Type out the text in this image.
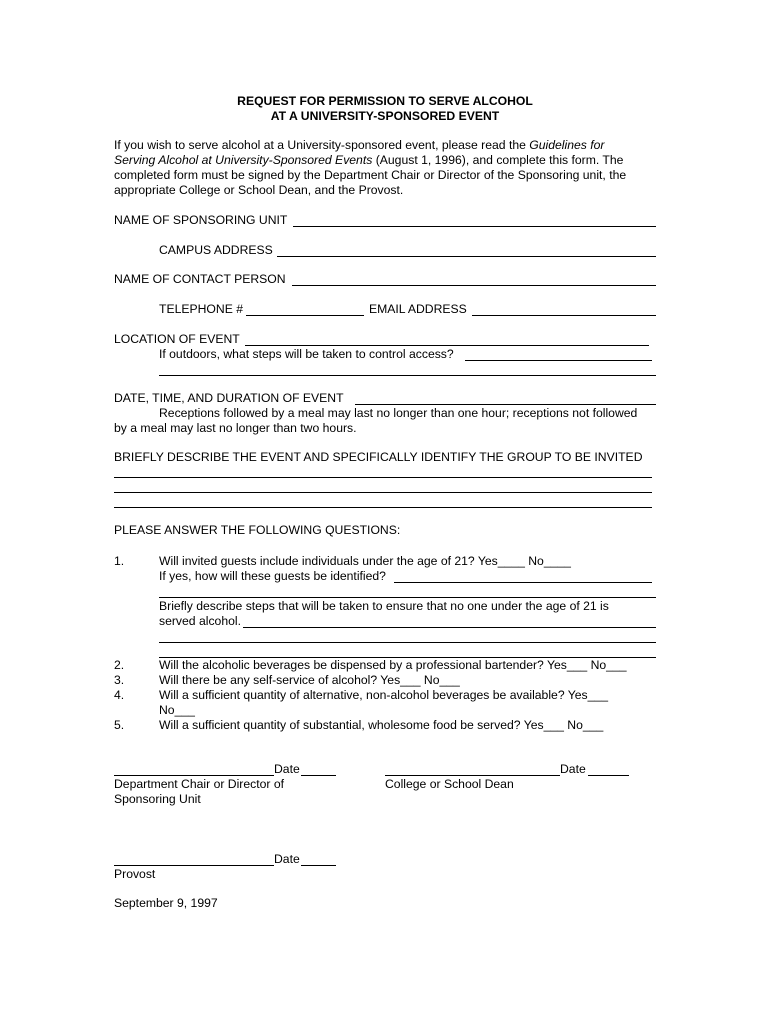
REQUEST FOR PERMISSION TO SERVE ALCOHOL
AT A UNIVERSITY-SPONSORED EVENT
If you wish to serve alcohol at a University-sponsored event, please read the Guidelines for
Serving Alcohol at University-Sponsored Events (August 1, 1996), and complete this form. The
completed form must be signed by the Department Chair or Director of the Sponsoring unit, the
appropriate College or School Dean, and the Provost.
NAME OF SPONSORING UNIT
CAMPUS ADDRESS
NAME OF CONTACT PERSON
TELEPHONE #	EMAIL ADDRESS
LOCATION OF EVENT
If outdoors, what steps will be taken to control access?
DATE, TIME, AND DURATION OF EVENT
Receptions followed by a meal may last no longer than one hour; receptions not followed
by a meal may last no longer than two hours.
BRIEFLY DESCRIBE THE EVENT AND SPECIFICALLY IDENTIFY THE GROUP TO BE INVITED
PLEASE ANSWER THE FOLLOWING QUESTIONS:
1.	Will invited guests include individuals under the age of 21? Yes____ No____
If yes, how will these guests be identified?
Briefly describe steps that will be taken to ensure that no one under the age of 21 is
served alcohol.
2.	Will the alcoholic beverages be dispensed by a professional bartender? Yes___ No___
3.	Will there be any self-service of alcohol? Yes___ No___
4.	Will a sufficient quantity of alternative, non-alcohol beverages be available? Yes___
No___
5.	Will a sufficient quantity of substantial, wholesome food be served? Yes___ No___
Date
Department Chair or Director of
Sponsoring Unit
Date
College or School Dean
Date
Provost
September 9, 1997
